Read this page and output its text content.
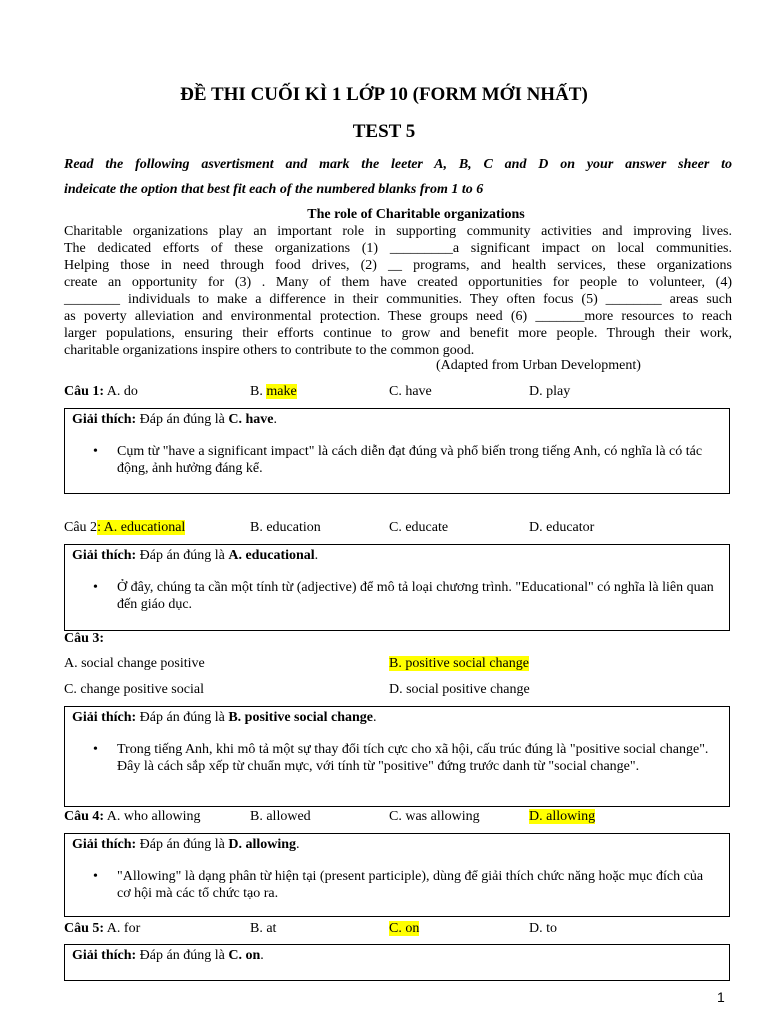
ĐỀ THI CUỐI KÌ 1 LỚP 10 (FORM MỚI NHẤT)
TEST 5
Read the following asvertisment and mark the leeter A, B, C and D on your answer sheer to
indeicate the option that best fit each of the numbered blanks from 1 to 6
The role of Charitable organizations
Charitable organizations play an important role in supporting community activities and improving lives.
The dedicated efforts of these organizations (1) _________a significant impact on local communities.
Helping those in need through food drives, (2) __ programs, and health services, these organizations
create an opportunity for (3) . Many of them have created opportunities for people to volunteer, (4)
________ individuals to make a difference in their communities. They often focus (5) ________ areas such
as poverty alleviation and environmental protection. These groups need (6) _______more resources to reach
larger populations, ensuring their efforts continue to grow and benefit more people. Through their work,
charitable organizations inspire others to contribute to the common good.
(Adapted from Urban Development)
Câu 1: A. do	B. make	C. have	D. play
Giải thích: Đáp án đúng là C. have.
• Cụm từ "have a significant impact" là cách diễn đạt đúng và phổ biến trong tiếng Anh, có nghĩa là có tác động, ảnh hưởng đáng kể.
Câu 2: A. educational	B. education	C. educate	D. educator
Giải thích: Đáp án đúng là A. educational.
• Ở đây, chúng ta cần một tính từ (adjective) để mô tả loại chương trình. "Educational" có nghĩa là liên quan đến giáo dục.
Câu 3:
A. social change positive	B. positive social change
C. change positive social	D. social positive change
Giải thích: Đáp án đúng là B. positive social change.
• Trong tiếng Anh, khi mô tả một sự thay đổi tích cực cho xã hội, cấu trúc đúng là "positive social change". Đây là cách sắp xếp từ chuẩn mực, với tính từ "positive" đứng trước danh từ "social change".
Câu 4: A. who allowing	B. allowed	C. was allowing	D. allowing
Giải thích: Đáp án đúng là D. allowing.
• "Allowing" là dạng phân từ hiện tại (present participle), dùng để giải thích chức năng hoặc mục đích của cơ hội mà các tổ chức tạo ra.
Câu 5: A. for	B. at	C. on	D. to
Giải thích: Đáp án đúng là C. on.
1
